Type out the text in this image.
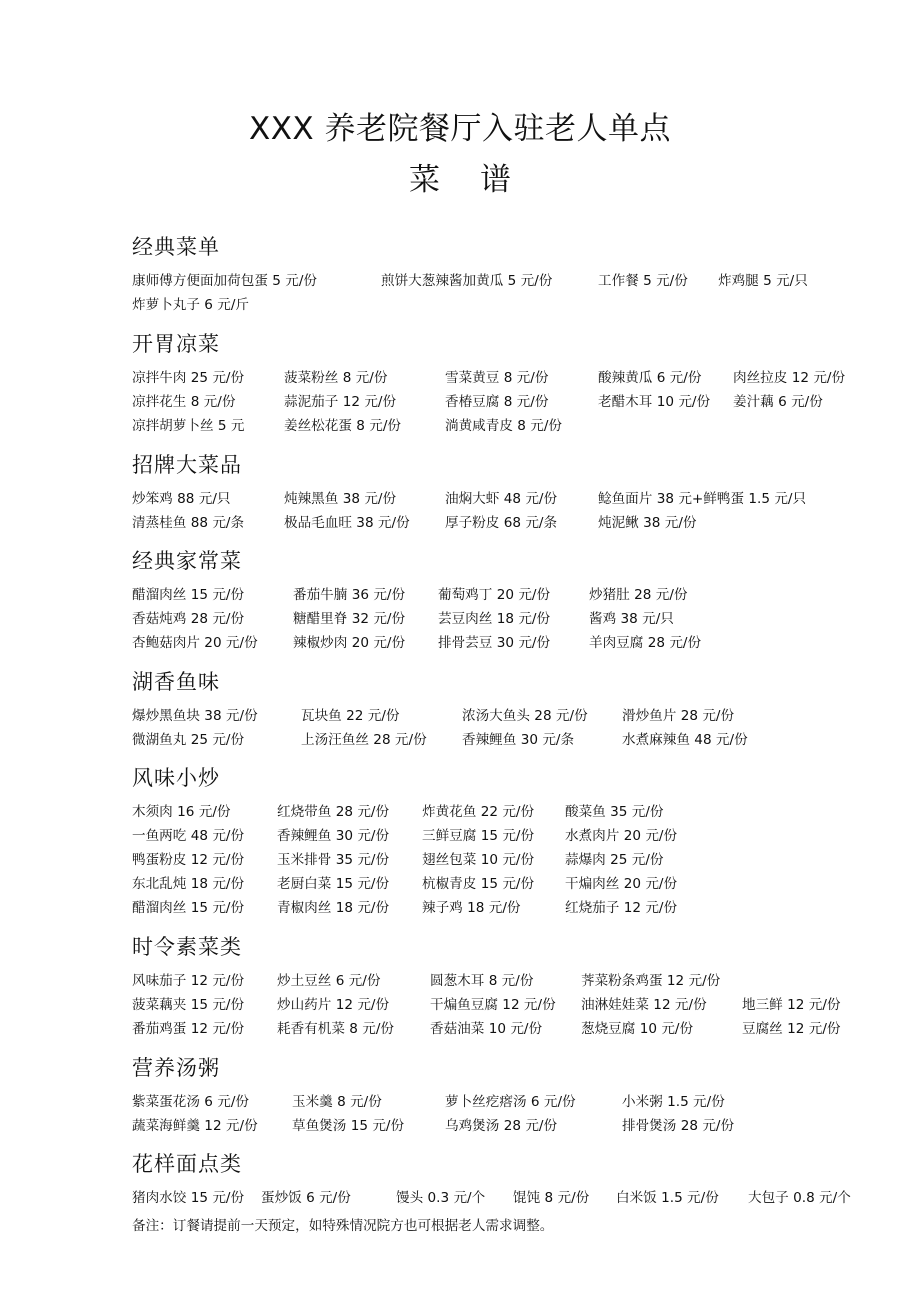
XXX 养老院餐厅入驻老人单点
菜谱
经典菜单
康师傅方便面加荷包蛋 5 元/份	煎饼大葱辣酱加黄瓜 5 元/份	工作餐 5 元/份 炸鸡腿 5 元/只
炸萝卜丸子 6 元/斤
开胃凉菜
凉拌牛肉 25 元/份	菠菜粉丝 8 元/份	雪菜黄豆 8 元/份	酸辣黄瓜 6 元/份 肉丝拉皮 12 元/份
凉拌花生 8 元/份	蒜泥茄子 12 元/份	香椿豆腐 8 元/份	老醋木耳 10 元/份 姜汁藕 6 元/份
凉拌胡萝卜丝 5 元	姜丝松花蛋 8 元/份	淌黄咸青皮 8 元/份
招牌大菜品
炒笨鸡 88 元/只	炖辣黑鱼 38 元/份	油焖大虾 48 元/份	鲶鱼面片 38 元+鲜鸭蛋 1.5 元/只
清蒸桂鱼 88 元/条	极品毛血旺 38 元/份	厚子粉皮 68 元/条	炖泥鳅 38 元/份
经典家常菜
醋溜肉丝 15 元/份	番茄牛腩 36 元/份 葡萄鸡丁 20 元/份	炒猪肚 28 元/份
香菇炖鸡 28 元/份	糖醋里脊 32 元/份 芸豆肉丝 18 元/份	酱鸡 38 元/只
杏鲍菇肉片 20 元/份	辣椒炒肉 20 元/份 排骨芸豆 30 元/份	羊肉豆腐 28 元/份
湖香鱼味
爆炒黑鱼块 38 元/份	瓦块鱼 22 元/份	浓汤大鱼头 28 元/份	滑炒鱼片 28 元/份
微湖鱼丸 25 元/份	上汤汪鱼丝 28 元/份	香辣鲤鱼 30 元/条	水煮麻辣鱼 48 元/份
风味小炒
木须肉 16 元/份	红烧带鱼 28 元/份 炸黄花鱼 22 元/份 酸菜鱼 35 元/份
一鱼两吃 48 元/份 香辣鲤鱼 30 元/份 三鲜豆腐 15 元/份 水煮肉片 20 元/份
鸭蛋粉皮 12 元/份 玉米排骨 35 元/份 翅丝包菜 10 元/份 蒜爆肉 25 元/份
东北乱炖 18 元/份 老厨白菜 15 元/份 杭椒青皮 15 元/份 干煸肉丝 20 元/份
醋溜肉丝 15 元/份 青椒肉丝 18 元/份 辣子鸡 18 元/份	红烧茄子 12 元/份
时令素菜类
风味茄子 12 元/份 炒土豆丝 6 元/份	圆葱木耳 8 元/份	荠菜粉条鸡蛋 12 元/份
菠菜藕夹 15 元/份 炒山药片 12 元/份	干煸鱼豆腐 12 元/份 油淋娃娃菜 12 元/份	地三鲜 12 元/份
番茄鸡蛋 12 元/份 耗香有机菜 8 元/份	香菇油菜 10 元/份	葱烧豆腐 10 元/份	豆腐丝 12 元/份
营养汤粥
紫菜蛋花汤 6 元/份	玉米羹 8 元/份	萝卜丝疙瘩汤 6 元/份	小米粥 1.5 元/份
蔬菜海鲜羹 12 元/份	草鱼煲汤 15 元/份	乌鸡煲汤 28 元/份	排骨煲汤 28 元/份
花样面点类
猪肉水饺 15 元/份 蛋炒饭 6 元/份	馒头 0.3 元/个 馄饨 8 元/份 白米饭 1.5 元/份 大包子 0.8 元/个
备注：订餐请提前一天预定，如特殊情况院方也可根据老人需求调整。
